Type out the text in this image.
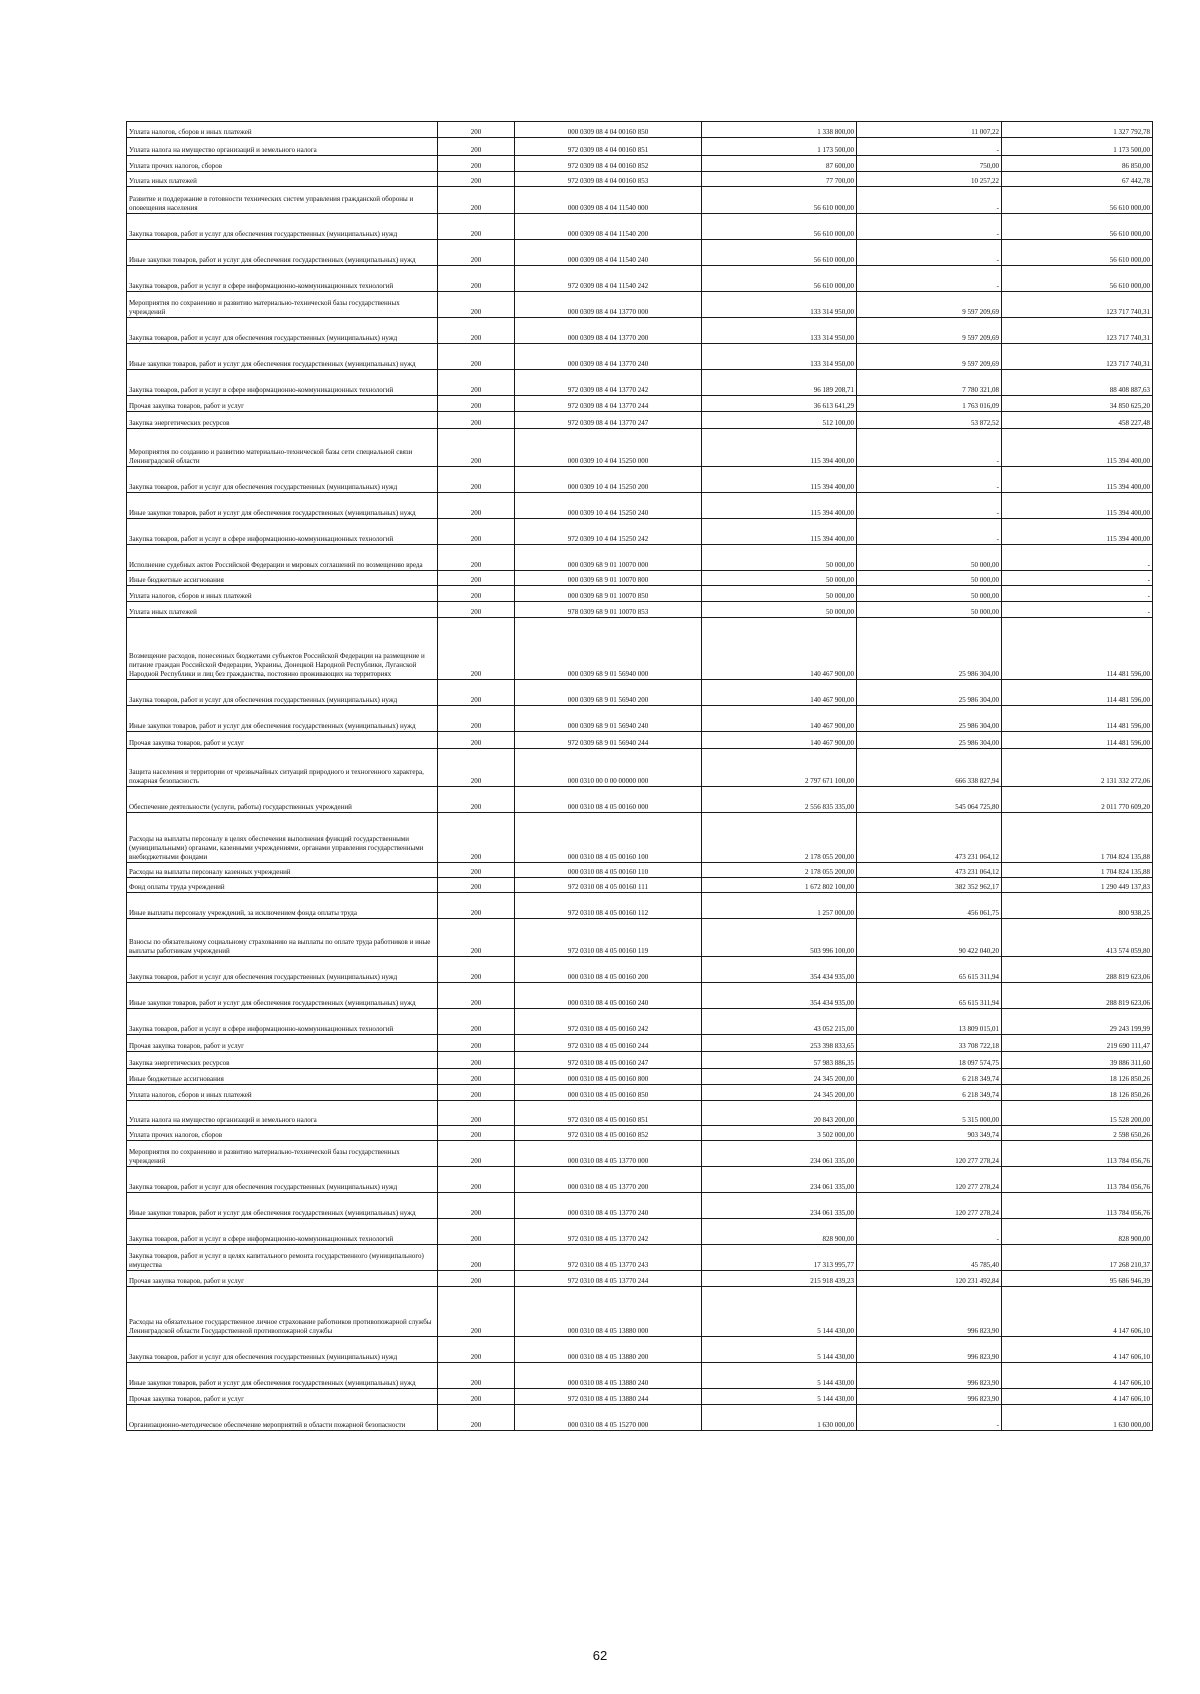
Уплата налогов, сборов и иных платежей	200	000 0309 08 4 04 00160 850	1 338 800,00	11 007,22	1 327 792,78
Уплата налога на имущество организаций и земельного налога	200	972 0309 08 4 04 00160 851	1 173 500,00	-	1 173 500,00
Уплата прочих налогов, сборов	200	972 0309 08 4 04 00160 852	87 600,00	750,00	86 850,00
Уплата иных платежей	200	972 0309 08 4 04 00160 853	77 700,00	10 257,22	67 442,78
Развитие и поддержание в готовности технических систем управления гражданской обороны и оповещения населения	200	000 0309 08 4 04 11540 000	56 610 000,00	-	56 610 000,00
Закупка товаров, работ и услуг для обеспечения государственных (муниципальных) нужд	200	000 0309 08 4 04 11540 200	56 610 000,00	-	56 610 000,00
Иные закупки товаров, работ и услуг для обеспечения государственных (муниципальных) нужд	200	000 0309 08 4 04 11540 240	56 610 000,00	-	56 610 000,00
Закупка товаров, работ и услуг в сфере информационно-коммуникационных технологий	200	972 0309 08 4 04 11540 242	56 610 000,00	-	56 610 000,00
Мероприятия по сохранению и развитию материально-технической базы государственных учреждений	200	000 0309 08 4 04 13770 000	133 314 950,00	9 597 209,69	123 717 740,31
Закупка товаров, работ и услуг для обеспечения государственных (муниципальных) нужд	200	000 0309 08 4 04 13770 200	133 314 950,00	9 597 209,69	123 717 740,31
Иные закупки товаров, работ и услуг для обеспечения государственных (муниципальных) нужд	200	000 0309 08 4 04 13770 240	133 314 950,00	9 597 209,69	123 717 740,31
Закупка товаров, работ и услуг в сфере информационно-коммуникационных технологий	200	972 0309 08 4 04 13770 242	96 189 208,71	7 780 321,08	88 408 887,63
Прочая закупка товаров, работ и услуг	200	972 0309 08 4 04 13770 244	36 613 641,29	1 763 016,09	34 850 625,20
Закупка энергетических ресурсов	200	972 0309 08 4 04 13770 247	512 100,00	53 872,52	458 227,48
Мероприятия по созданию и развитию материально-технической базы сети специальной связи Ленинградской области	200	000 0309 10 4 04 15250 000	115 394 400,00	-	115 394 400,00
Закупка товаров, работ и услуг для обеспечения государственных (муниципальных) нужд	200	000 0309 10 4 04 15250 200	115 394 400,00	-	115 394 400,00
Иные закупки товаров, работ и услуг для обеспечения государственных (муниципальных) нужд	200	000 0309 10 4 04 15250 240	115 394 400,00	-	115 394 400,00
Закупка товаров, работ и услуг в сфере информационно-коммуникационных технологий	200	972 0309 10 4 04 15250 242	115 394 400,00	-	115 394 400,00
Исполнение судебных актов Российской Федерации и мировых соглашений по возмещению вреда	200	000 0309 68 9 01 10070 000	50 000,00	50 000,00	-
Иные бюджетные ассигнования	200	000 0309 68 9 01 10070 800	50 000,00	50 000,00	-
Уплата налогов, сборов и иных платежей	200	000 0309 68 9 01 10070 850	50 000,00	50 000,00	-
Уплата иных платежей	200	978 0309 68 9 01 10070 853	50 000,00	50 000,00	-
Возмещение расходов, понесенных бюджетами субъектов Российской Федерации на размещение и питание граждан Российской Федерации, Украины, Донецкой Народной Республики, Луганской Народной Республики и лиц без гражданства, постоянно проживающих на территориях	200	000 0309 68 9 01 56940 000	140 467 900,00	25 986 304,00	114 481 596,00
Закупка товаров, работ и услуг для обеспечения государственных (муниципальных) нужд	200	000 0309 68 9 01 56940 200	140 467 900,00	25 986 304,00	114 481 596,00
Иные закупки товаров, работ и услуг для обеспечения государственных (муниципальных) нужд	200	000 0309 68 9 01 56940 240	140 467 900,00	25 986 304,00	114 481 596,00
Прочая закупка товаров, работ и услуг	200	972 0309 68 9 01 56940 244	140 467 900,00	25 986 304,00	114 481 596,00
Защита населения и территории от чрезвычайных ситуаций природного и техногенного характера, пожарная безопасность	200	000 0310 00 0 00 00000 000	2 797 671 100,00	666 338 827,94	2 131 332 272,06
Обеспечение деятельности (услуги, работы) государственных учреждений	200	000 0310 08 4 05 00160 000	2 556 835 335,00	545 064 725,80	2 011 770 609,20
Расходы на выплаты персоналу в целях обеспечения выполнения функций государственными (муниципальными) органами, казенными учреждениями, органами управления государственными внебюджетными фондами	200	000 0310 08 4 05 00160 100	2 178 055 200,00	473 231 064,12	1 704 824 135,88
Расходы на выплаты персоналу казенных учреждений	200	000 0310 08 4 05 00160 110	2 178 055 200,00	473 231 064,12	1 704 824 135,88
Фонд оплаты труда учреждений	200	972 0310 08 4 05 00160 111	1 672 802 100,00	382 352 962,17	1 290 449 137,83
Иные выплаты персоналу учреждений, за исключением фонда оплаты труда	200	972 0310 08 4 05 00160 112	1 257 000,00	456 061,75	800 938,25
Взносы по обязательному социальному страхованию на выплаты по оплате труда работников и иные выплаты работникам учреждений	200	972 0310 08 4 05 00160 119	503 996 100,00	90 422 040,20	413 574 059,80
Закупка товаров, работ и услуг для обеспечения государственных (муниципальных) нужд	200	000 0310 08 4 05 00160 200	354 434 935,00	65 615 311,94	288 819 623,06
Иные закупки товаров, работ и услуг для обеспечения государственных (муниципальных) нужд	200	000 0310 08 4 05 00160 240	354 434 935,00	65 615 311,94	288 819 623,06
Закупка товаров, работ и услуг в сфере информационно-коммуникационных технологий	200	972 0310 08 4 05 00160 242	43 052 215,00	13 809 015,01	29 243 199,99
Прочая закупка товаров, работ и услуг	200	972 0310 08 4 05 00160 244	253 398 833,65	33 708 722,18	219 690 111,47
Закупка энергетических ресурсов	200	972 0310 08 4 05 00160 247	57 983 886,35	18 097 574,75	39 886 311,60
Иные бюджетные ассигнования	200	000 0310 08 4 05 00160 800	24 345 200,00	6 218 349,74	18 126 850,26
Уплата налогов, сборов и иных платежей	200	000 0310 08 4 05 00160 850	24 345 200,00	6 218 349,74	18 126 850,26
Уплата налога на имущество организаций и земельного налога	200	972 0310 08 4 05 00160 851	20 843 200,00	5 315 000,00	15 528 200,00
Уплата прочих налогов, сборов	200	972 0310 08 4 05 00160 852	3 502 000,00	903 349,74	2 598 650,26
Мероприятия по сохранению и развитию материально-технической базы государственных учреждений	200	000 0310 08 4 05 13770 000	234 061 335,00	120 277 278,24	113 784 056,76
Закупка товаров, работ и услуг для обеспечения государственных (муниципальных) нужд	200	000 0310 08 4 05 13770 200	234 061 335,00	120 277 278,24	113 784 056,76
Иные закупки товаров, работ и услуг для обеспечения государственных (муниципальных) нужд	200	000 0310 08 4 05 13770 240	234 061 335,00	120 277 278,24	113 784 056,76
Закупка товаров, работ и услуг в сфере информационно-коммуникационных технологий	200	972 0310 08 4 05 13770 242	828 900,00	-	828 900,00
Закупка товаров, работ и услуг в целях капитального ремонта государственного (муниципального) имущества	200	972 0310 08 4 05 13770 243	17 313 995,77	45 785,40	17 268 210,37
Прочая закупка товаров, работ и услуг	200	972 0310 08 4 05 13770 244	215 918 439,23	120 231 492,84	95 686 946,39
Расходы на обязательное государственное личное страхование работников противопожарной службы Ленинградской области Государственной противопожарной службы	200	000 0310 08 4 05 13880 000	5 144 430,00	996 823,90	4 147 606,10
Закупка товаров, работ и услуг для обеспечения государственных (муниципальных) нужд	200	000 0310 08 4 05 13880 200	5 144 430,00	996 823,90	4 147 606,10
Иные закупки товаров, работ и услуг для обеспечения государственных (муниципальных) нужд	200	000 0310 08 4 05 13880 240	5 144 430,00	996 823,90	4 147 606,10
Прочая закупка товаров, работ и услуг	200	972 0310 08 4 05 13880 244	5 144 430,00	996 823,90	4 147 606,10
Организационно-методическое обеспечение мероприятий в области пожарной безопасности	200	000 0310 08 4 05 15270 000	1 630 000,00	-	1 630 000,00
62
